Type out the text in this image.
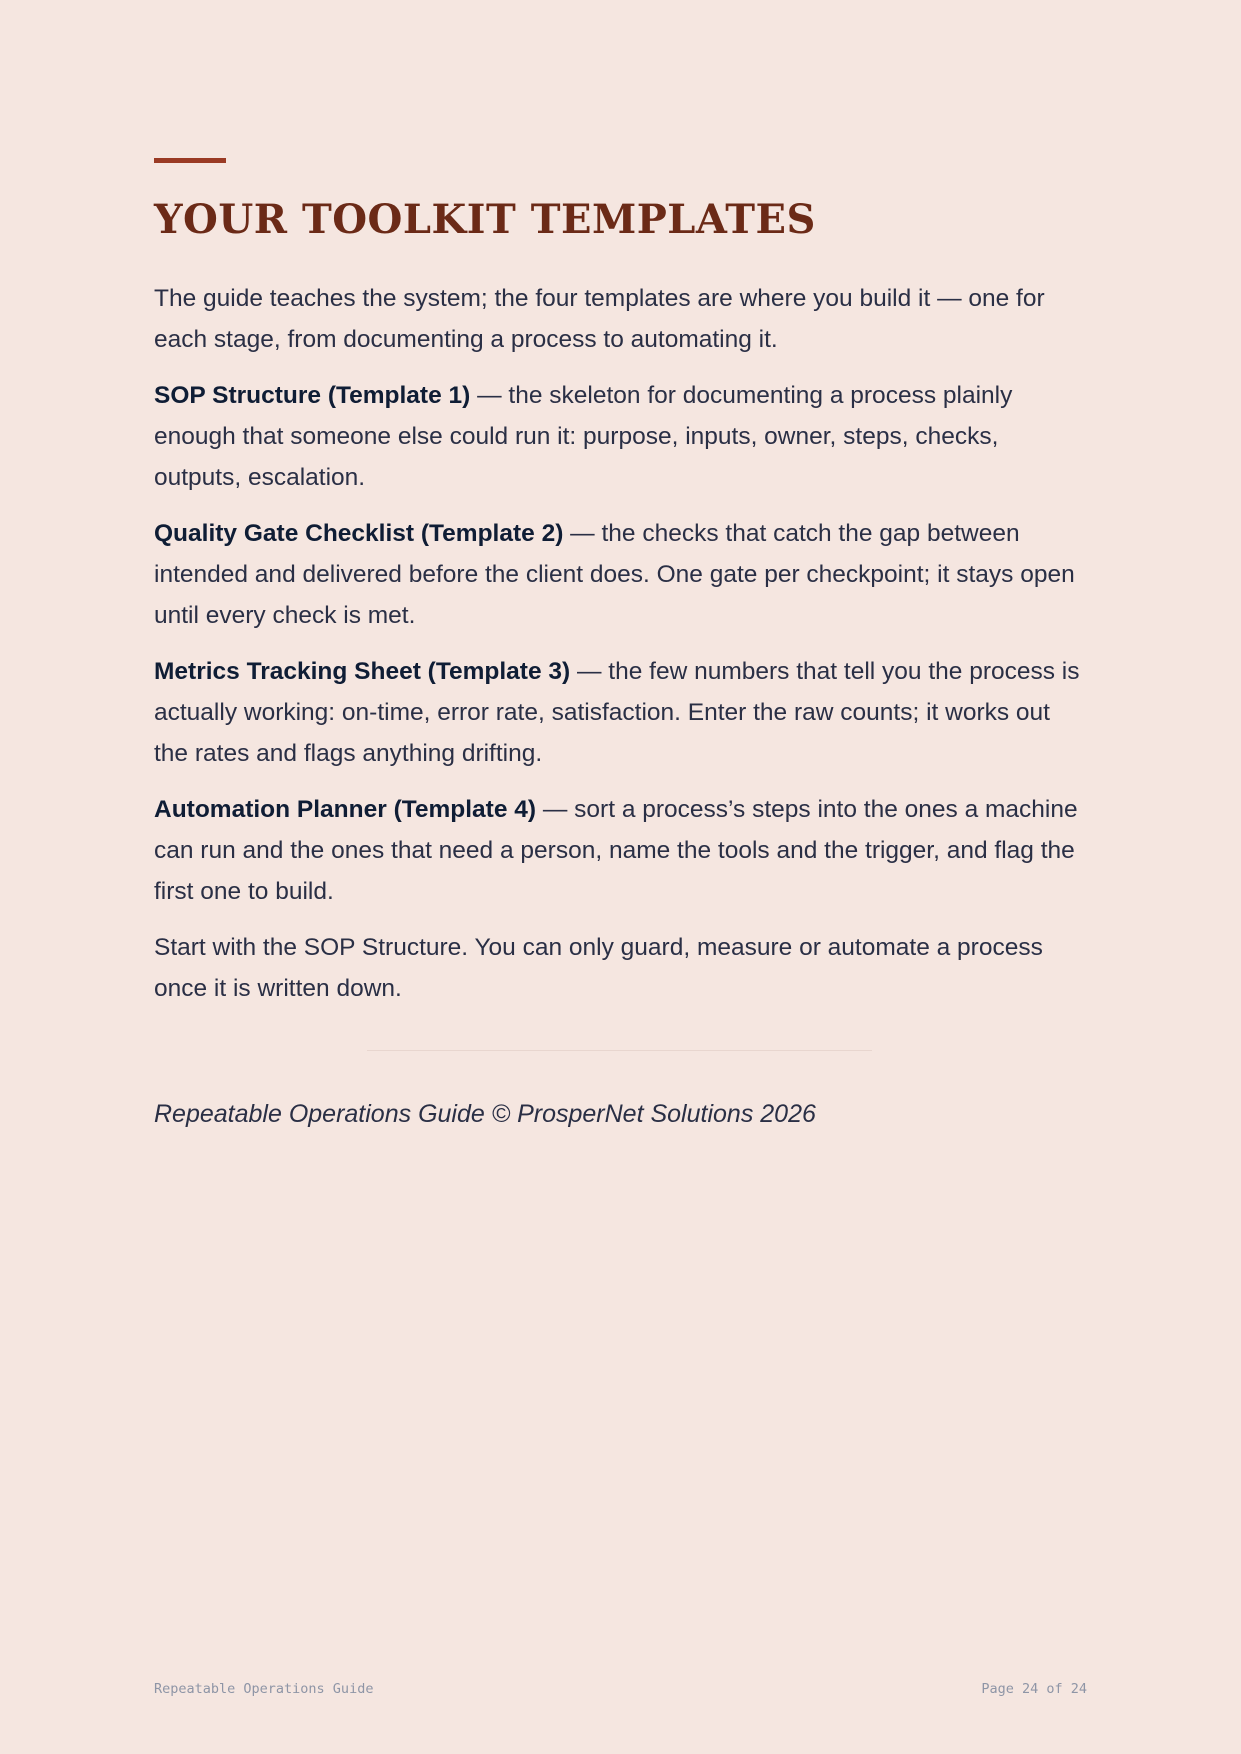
YOUR TOOLKIT TEMPLATES

The guide teaches the system; the four templates are where you build it — one for each stage, from documenting a process to automating it.

SOP Structure (Template 1) — the skeleton for documenting a process plainly enough that someone else could run it: purpose, inputs, owner, steps, checks, outputs, escalation.

Quality Gate Checklist (Template 2) — the checks that catch the gap between intended and delivered before the client does. One gate per checkpoint; it stays open until every check is met.

Metrics Tracking Sheet (Template 3) — the few numbers that tell you the process is actually working: on-time, error rate, satisfaction. Enter the raw counts; it works out the rates and flags anything drifting.

Automation Planner (Template 4) — sort a process’s steps into the ones a machine can run and the ones that need a person, name the tools and the trigger, and flag the first one to build.

Start with the SOP Structure. You can only guard, measure or automate a process once it is written down.

Repeatable Operations Guide © ProsperNet Solutions 2026
Repeatable Operations Guide	Page 24 of 24
